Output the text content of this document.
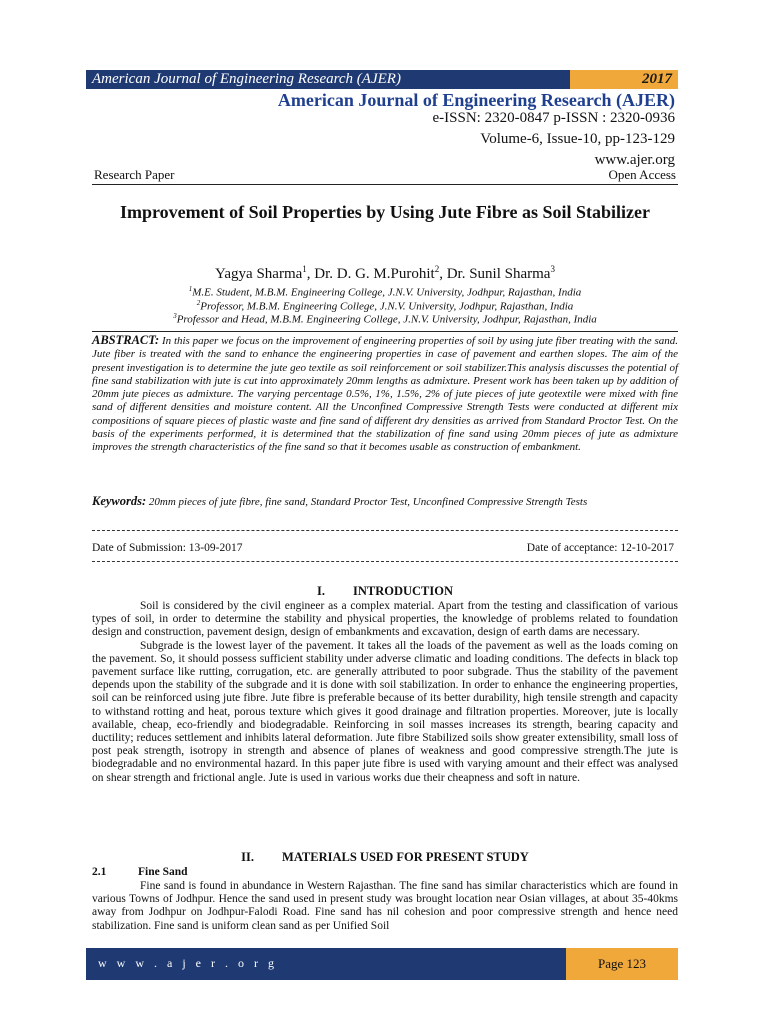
American Journal of Engineering Research (AJER)	2017
American Journal of Engineering Research (AJER)
e-ISSN: 2320-0847 p-ISSN : 2320-0936
Volume-6, Issue-10, pp-123-129
www.ajer.org
Research Paper	Open Access
Improvement of Soil Properties by Using Jute Fibre as Soil Stabilizer
Yagya Sharma$^1$, Dr. D. G. M.Purohit$^2$, Dr. Sunil Sharma$^3$
$^1$M.E. Student, M.B.M. Engineering College, J.N.V. University, Jodhpur, Rajasthan, India
$^2$Professor, M.B.M. Engineering College, J.N.V. University, Jodhpur, Rajasthan, India
$^3$Professor and Head, M.B.M. Engineering College, J.N.V. University, Jodhpur, Rajasthan, India
ABSTRACT: In this paper we focus on the improvement of engineering properties of soil by using jute fiber treating with the sand. Jute fiber is treated with the sand to enhance the engineering properties in case of pavement and earthen slopes. The aim of the present investigation is to determine the jute geo textile as soil reinforcement or soil stabilizer.This analysis discusses the potential of fine sand stabilization with jute is cut into approximately 20mm lengths as admixture. Present work has been taken up by addition of 20mm jute pieces as admixture. The varying percentage 0.5%, 1%, 1.5%, 2% of jute pieces of jute geotextile were mixed with fine sand of different densities and moisture content. All the Unconfined Compressive Strength Tests were conducted at different mix compositions of square pieces of plastic waste and fine sand of different dry densities as arrived from Standard Proctor Test. On the basis of the experiments performed, it is determined that the stabilization of fine sand using 20mm pieces of jute as admixture improves the strength characteristics of the fine sand so that it becomes usable as construction of embankment.
Keywords: 20mm pieces of jute fibre, fine sand, Standard Proctor Test, Unconfined Compressive Strength Tests
Date of Submission: 13-09-2017	Date of acceptance: 12-10-2017
I. INTRODUCTION

Soil is considered by the civil engineer as a complex material. Apart from the testing and classification of various types of soil, in order to determine the stability and physical properties, the knowledge of problems related to foundation design and construction, pavement design, design of embankments and excavation, design of earth dams are necessary.

Subgrade is the lowest layer of the pavement. It takes all the loads of the pavement as well as the loads coming on the pavement. So, it should possess sufficient stability under adverse climatic and loading conditions. The defects in black top pavement surface like rutting, corrugation, etc. are generally attributed to poor subgrade. Thus the stability of the pavement depends upon the stability of the subgrade and it is done with soil stabilization. In order to enhance the engineering properties, soil can be reinforced using jute fibre. Jute fibre is preferable because of its better durability, high tensile strength and capacity to withstand rotting and heat, porous texture which gives it good drainage and filtration properties. Moreover, jute is locally available, cheap, eco-friendly and biodegradable. Reinforcing in soil masses increases its strength, bearing capacity and ductility; reduces settlement and inhibits lateral deformation. Jute fibre Stabilized soils show greater extensibility, small loss of post peak strength, isotropy in strength and absence of planes of weakness and good compressive strength.The jute is biodegradable and no environmental hazard. In this paper jute fibre is used with varying amount and their effect was analysed on shear strength and frictional angle. Jute is used in various works due their cheapness and soft in nature.

II. MATERIALS USED FOR PRESENT STUDY
2.1	Fine Sand

Fine sand is found in abundance in Western Rajasthan. The fine sand has similar characteristics which are found in various Towns of Jodhpur. Hence the sand used in present study was brought location near Osian villages, at about 35-40kms away from Jodhpur on Jodhpur-Falodi Road. Fine sand has nil cohesion and poor compressive strength and hence need stabilization. Fine sand is uniform clean sand as per Unified Soil

w w w . a j e r . o r g	Page 123
